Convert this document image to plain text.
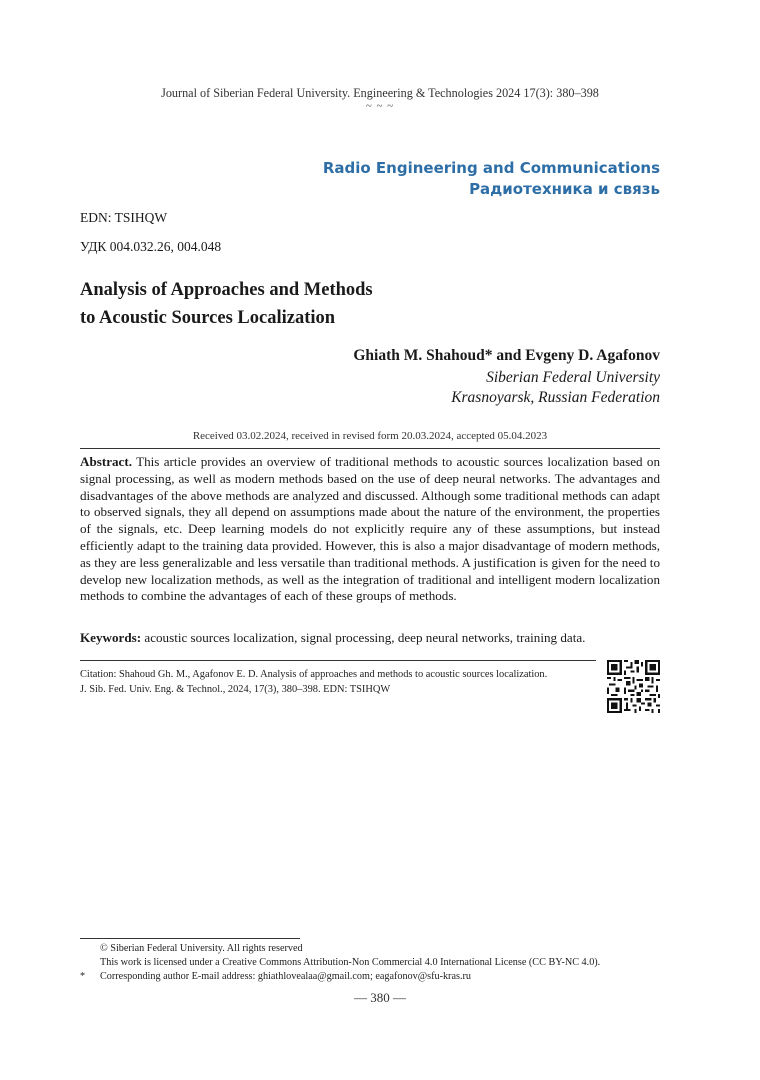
Journal of Siberian Federal University. Engineering & Technologies 2024 17(3): 380–398
~ ~ ~
Radio Engineering and Communications
Радиотехника и связь
EDN: TSIHQW
УДК 004.032.26, 004.048
Analysis of Approaches and Methods
to Acoustic Sources Localization
Ghiath M. Shahoud* and Evgeny D. Agafonov
Siberian Federal University
Krasnoyarsk, Russian Federation
Received 03.02.2024, received in revised form 20.03.2024, accepted 05.04.2023

Abstract. This article provides an overview of traditional methods to acoustic sources localization based on signal processing, as well as modern methods based on the use of deep neural networks. The advantages and disadvantages of the above methods are analyzed and discussed. Although some traditional methods can adapt to observed signals, they all depend on assumptions made about the nature of the environment, the properties of the signals, etc. Deep learning models do not explicitly require any of these assumptions, but instead efficiently adapt to the training data provided. However, this is also a major disadvantage of modern methods, as they are less generalizable and less versatile than traditional methods. A justification is given for the need to develop new localization methods, as well as the integration of traditional and intelligent modern localization methods to combine the advantages of each of these groups of methods.

Keywords: acoustic sources localization, signal processing, deep neural networks, training data.

Citation: Shahoud Gh. M., Agafonov E. D. Analysis of approaches and methods to acoustic sources localization.
J. Sib. Fed. Univ. Eng. & Technol., 2024, 17(3), 380–398. EDN: TSIHQW
© Siberian Federal University. All rights reserved
This work is licensed under a Creative Commons Attribution-Non Commercial 4.0 International License (CC BY-NC 4.0).
* Corresponding author E-mail address: ghiathlovealaa@gmail.com; eagafonov@sfu-kras.ru
— 380 —
